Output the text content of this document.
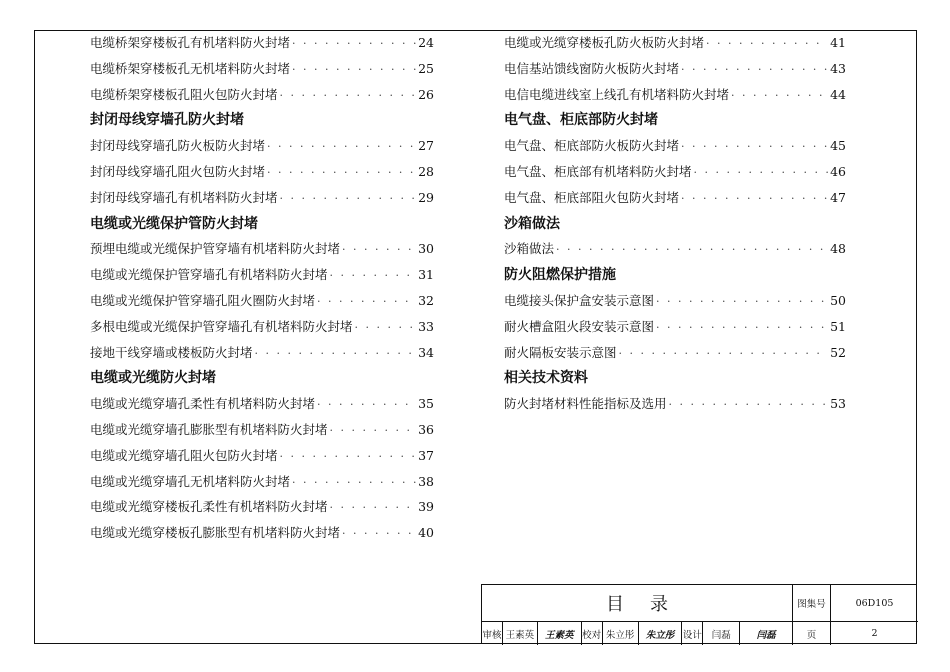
电缆桥架穿楼板孔有机堵料防火封堵 · · ·	24
电缆桥架穿楼板孔无机堵料防火封堵 · · ·	25
电缆桥架穿楼板孔阻火包防火封堵 · · ·	26
封闭母线穿墙孔防火封堵
封闭母线穿墙孔防火板防火封堵 · · ·	27
封闭母线穿墙孔阻火包防火封堵 · · ·	28
封闭母线穿墙孔有机堵料防火封堵 · · ·	29
电缆或光缆保护管防火封堵
预埋电缆或光缆保护管穿墙有机堵料防火封堵 · · ·	30
电缆或光缆保护管穿墙孔有机堵料防火封堵 · · ·	31
电缆或光缆保护管穿墙孔阻火圈防火封堵 · · ·	32
多根电缆或光缆保护管穿墙孔有机堵料防火封堵 · · ·	33
接地干线穿墙或楼板防火封堵 · · ·	34
电缆或光缆防火封堵
电缆或光缆穿墙孔柔性有机堵料防火封堵 · · ·	35
电缆或光缆穿墙孔膨胀型有机堵料防火封堵 · · ·	36
电缆或光缆穿墙孔阻火包防火封堵 · · ·	37
电缆或光缆穿墙孔无机堵料防火封堵 · · ·	38
电缆或光缆穿楼板孔柔性有机堵料防火封堵 · · ·	39
电缆或光缆穿楼板孔膨胀型有机堵料防火封堵 · · ·	40
电缆或光缆穿楼板孔防火板防火封堵 · · ·	41
电信基站馈线窗防火板防火封堵 · · ·	43
电信电缆进线室上线孔有机堵料防火封堵 · · ·	44
电气盘、柜底部防火封堵
电气盘、柜底部防火板防火封堵 · · ·	45
电气盘、柜底部有机堵料防火封堵 · · ·	46
电气盘、柜底部阻火包防火封堵 · · ·	47
沙箱做法
沙箱做法 · · ·	48
防火阻燃保护措施
电缆接头保护盒安装示意图 · · ·	50
耐火槽盒阻火段安装示意图 · · ·	51
耐火隔板安装示意图 · · ·	52
相关技术资料
防火封堵材料性能指标及选用 · · ·	53
目录	图集号	06D105
页	2
审核 王素英	王素英 校对 朱立彤	朱立彤 设计	闫磊	闫磊
